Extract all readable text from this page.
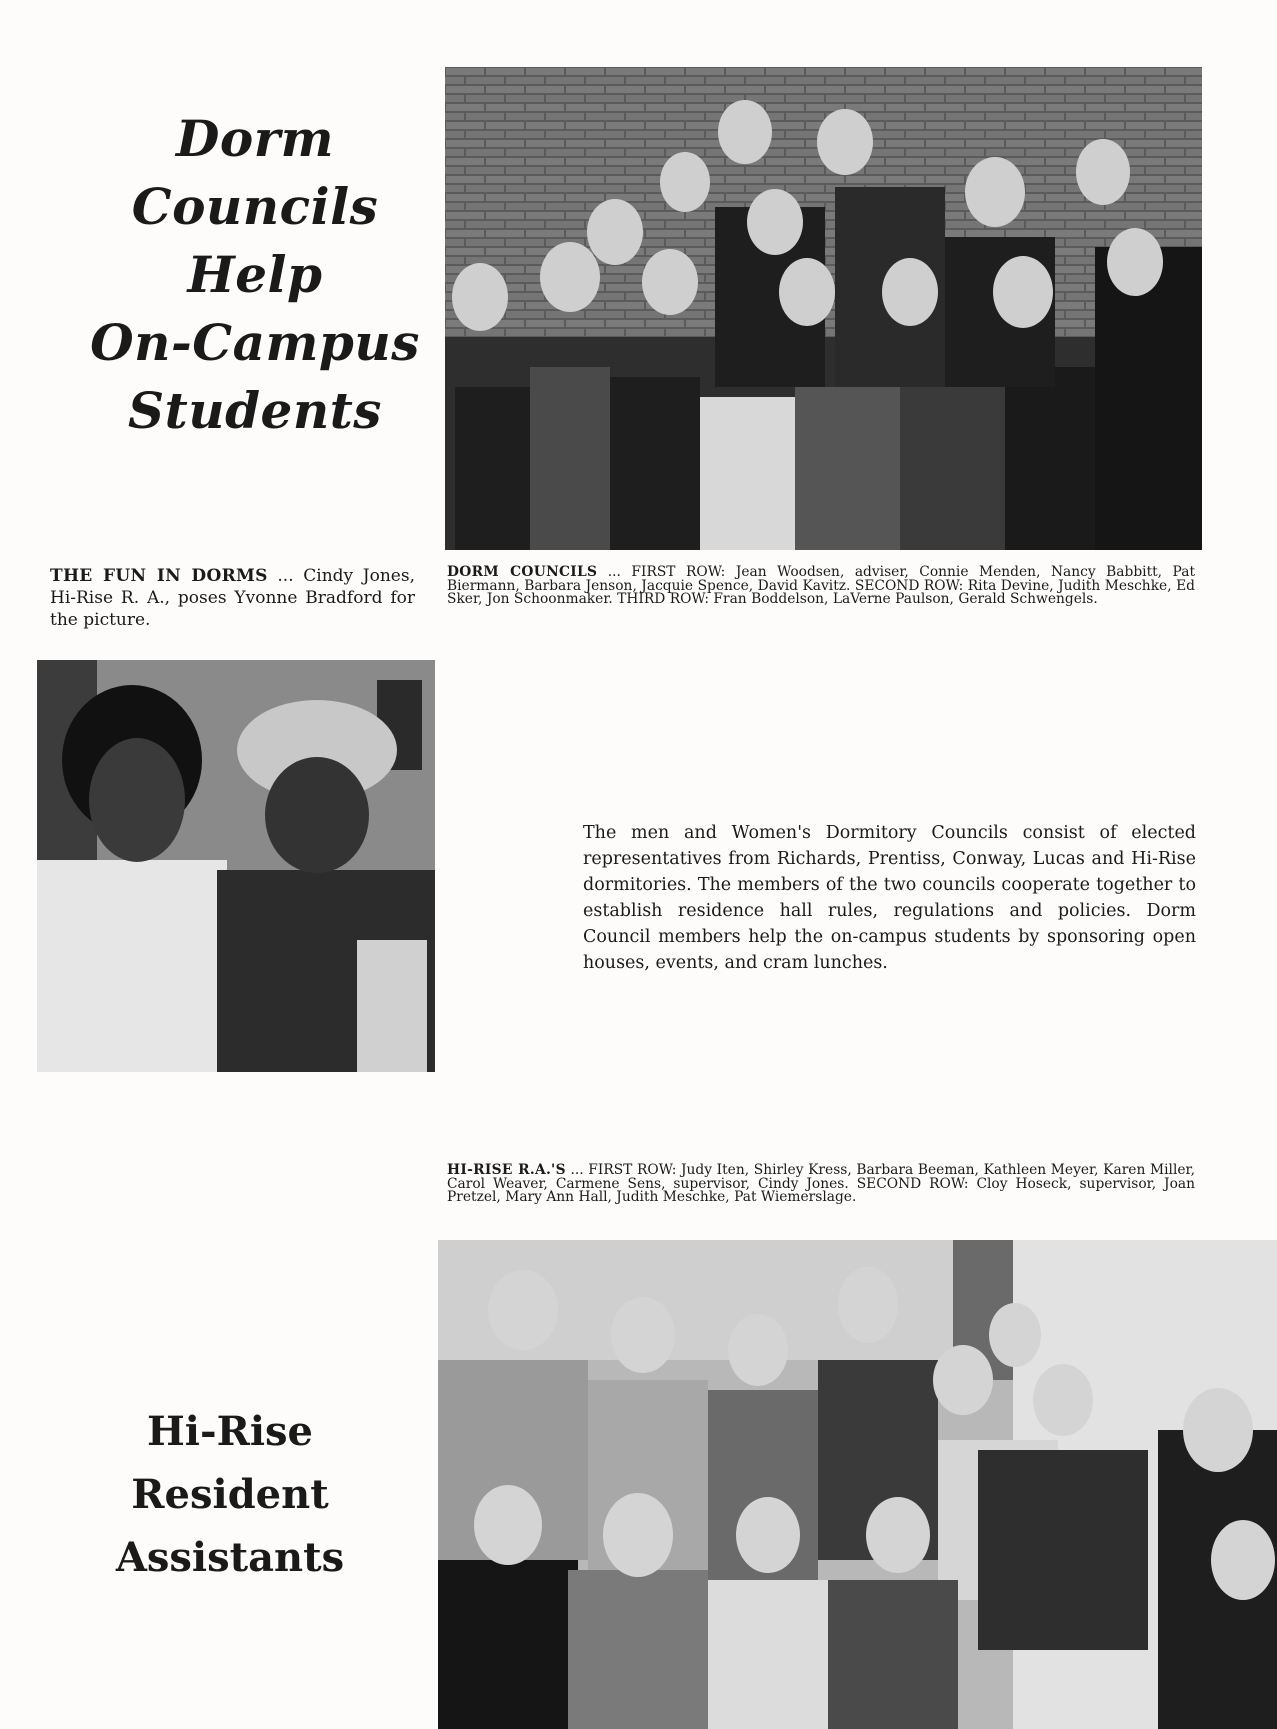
Dorm
Councils
Help
On-Campus
Students
DORM COUNCILS ... FIRST ROW: Jean Woodsen, adviser, Connie Menden, Nancy Babbitt, Pat Biermann, Barbara Jenson, Jacquie Spence, David Kavitz. SECOND ROW: Rita Devine, Judith Meschke, Ed Sker, Jon Schoonmaker. THIRD ROW: Fran Boddelson, LaVerne Paulson, Gerald Schwengels.
THE FUN IN DORMS ... Cindy Jones, Hi-Rise R. A., poses Yvonne Bradford for the picture.
The men and Women's Dormitory Councils consist of elected representatives from Richards, Prentiss, Conway, Lucas and Hi-Rise dormitories. The members of the two councils cooperate together to establish residence hall rules, regulations and policies. Dorm Council members help the on-campus students by sponsoring open houses, events, and cram lunches.
HI-RISE R.A.'S ... FIRST ROW: Judy Iten, Shirley Kress, Barbara Beeman, Kathleen Meyer, Karen Miller, Carol Weaver, Carmene Sens, supervisor, Cindy Jones. SECOND ROW: Cloy Hoseck, supervisor, Joan Pretzel, Mary Ann Hall, Judith Meschke, Pat Wiemerslage.
Hi-Rise
Resident
Assistants
